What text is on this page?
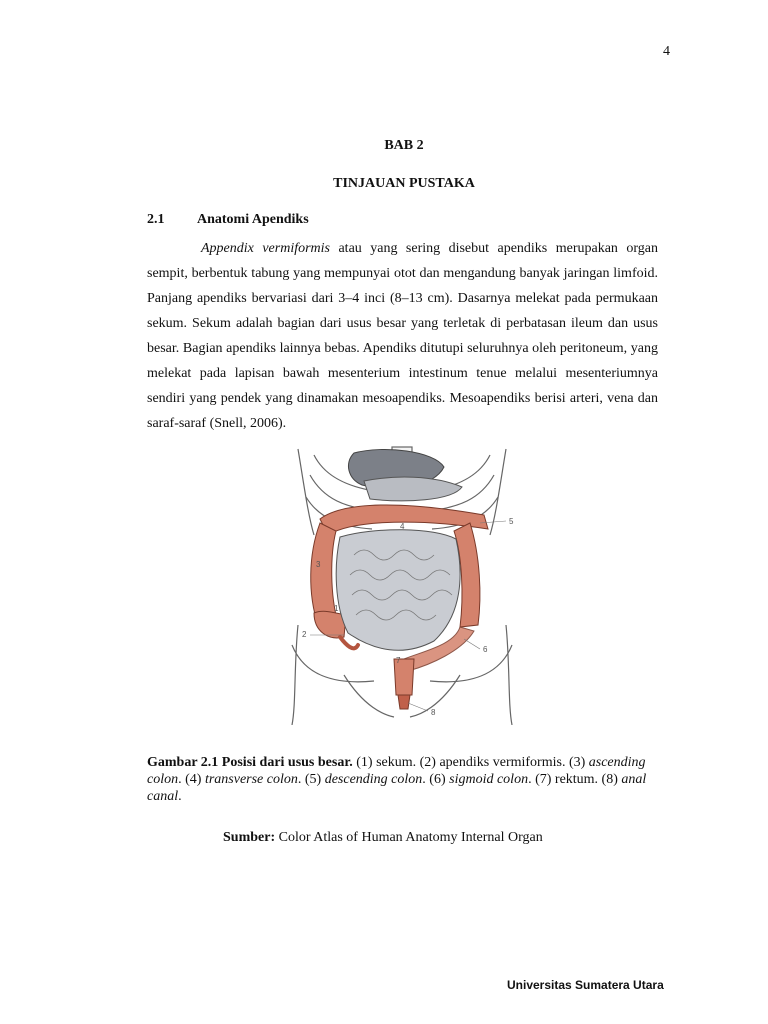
4
BAB 2
TINJAUAN PUSTAKA
2.1 Anatomi Apendiks

Appendix vermiformis atau yang sering disebut apendiks merupakan organ sempit, berbentuk tabung yang mempunyai otot dan mengandung banyak jaringan limfoid. Panjang apendiks bervariasi dari 3–4 inci (8–13 cm). Dasarnya melekat pada permukaan sekum. Sekum adalah bagian dari usus besar yang terletak di perbatasan ileum dan usus besar. Bagian apendiks lainnya bebas. Apendiks ditutupi seluruhnya oleh peritoneum, yang melekat pada lapisan bawah mesenterium intestinum tenue melalui mesenteriumnya sendiri yang pendek yang dinamakan mesoapendiks. Mesoapendiks berisi arteri, vena dan saraf-saraf (Snell, 2006).

1
2
3
4
5
6
7
8
Gambar 2.1 Posisi dari usus besar. (1) sekum. (2) apendiks vermiformis. (3) ascending colon. (4) transverse colon. (5) descending colon. (6) sigmoid colon. (7) rektum. (8) anal canal.
Sumber: Color Atlas of Human Anatomy Internal Organ
Universitas Sumatera Utara
